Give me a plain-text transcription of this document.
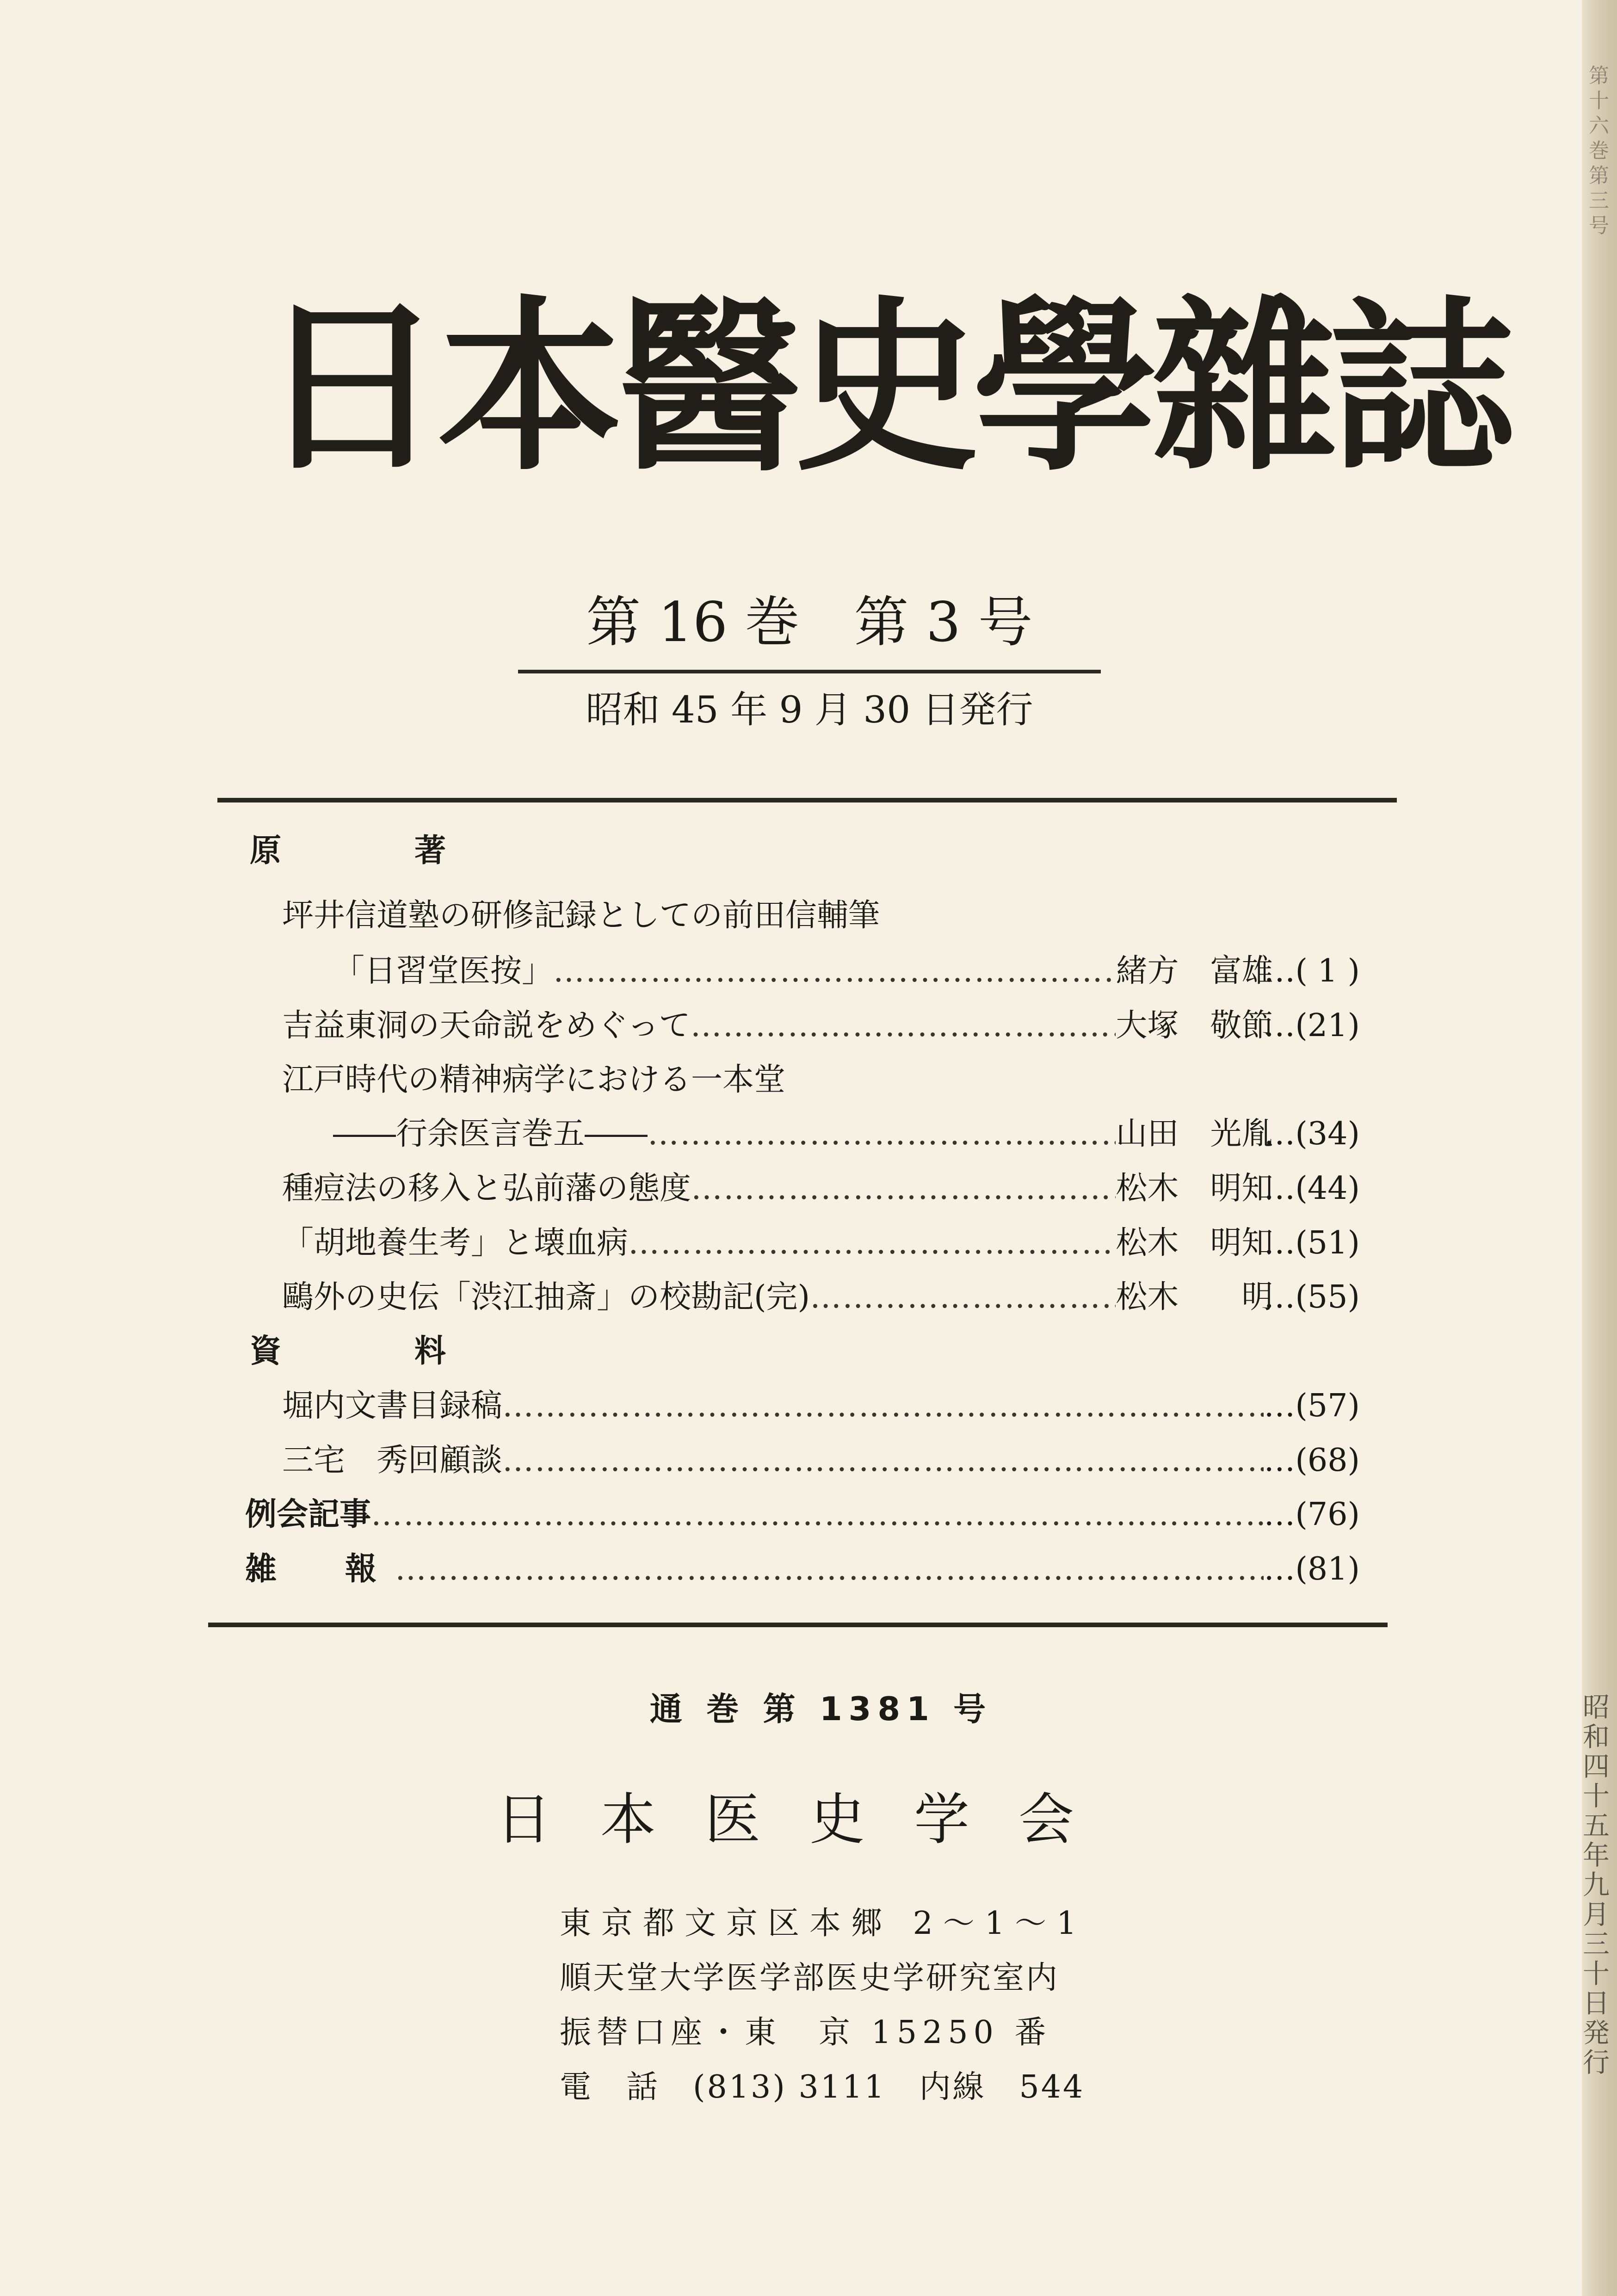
第十六巻第三号
昭和四十五年九月三十日発行
日本醫史學雜誌
第 16 巻　第 3 号
昭和 45 年 9 月 30 日発行
原　著
坪井信道塾の研修記録としての前田信輔筆
「日習堂医按」 ……………………………………………………………………………………………………………………………………………………………………	緒方　富雄 … ( 1 )
吉益東洞の天命説をめぐって ……………………………………………………………………………………………………………………………………………………………………	大塚　敬節 … (21)
江戸時代の精神病学における一本堂
――行余医言巻五―― ……………………………………………………………………………………………………………………………………………………………………	山田　光胤 … (34)
種痘法の移入と弘前藩の態度 ……………………………………………………………………………………………………………………………………………………………………	松木　明知 … (44)
「胡地養生考」と壊血病 ……………………………………………………………………………………………………………………………………………………………………	松木　明知 … (51)
鷗外の史伝「渋江抽斎」の校勘記(完) ……………………………………………………………………………………………………………………………………………………………………	松木　　明 … (55)
資　料
堀内文書目録稿 ……………………………………………………………………………………………………………………………………………………………………	… (57)
三宅　秀回顧談 ……………………………………………………………………………………………………………………………………………………………………	… (68)
例会記事 ……………………………………………………………………………………………………………………………………………………………………	… (76)
雑　報 ……………………………………………………………………………………………………………………………………………………………………	… (81)
通 巻 第 1381 号
日本医史学会
東京都文京区本郷 2〜1〜1
順天堂大学医学部医史学研究室内
振替口座・東　京 15250 番
電　話　(813) 3111　内線　544
